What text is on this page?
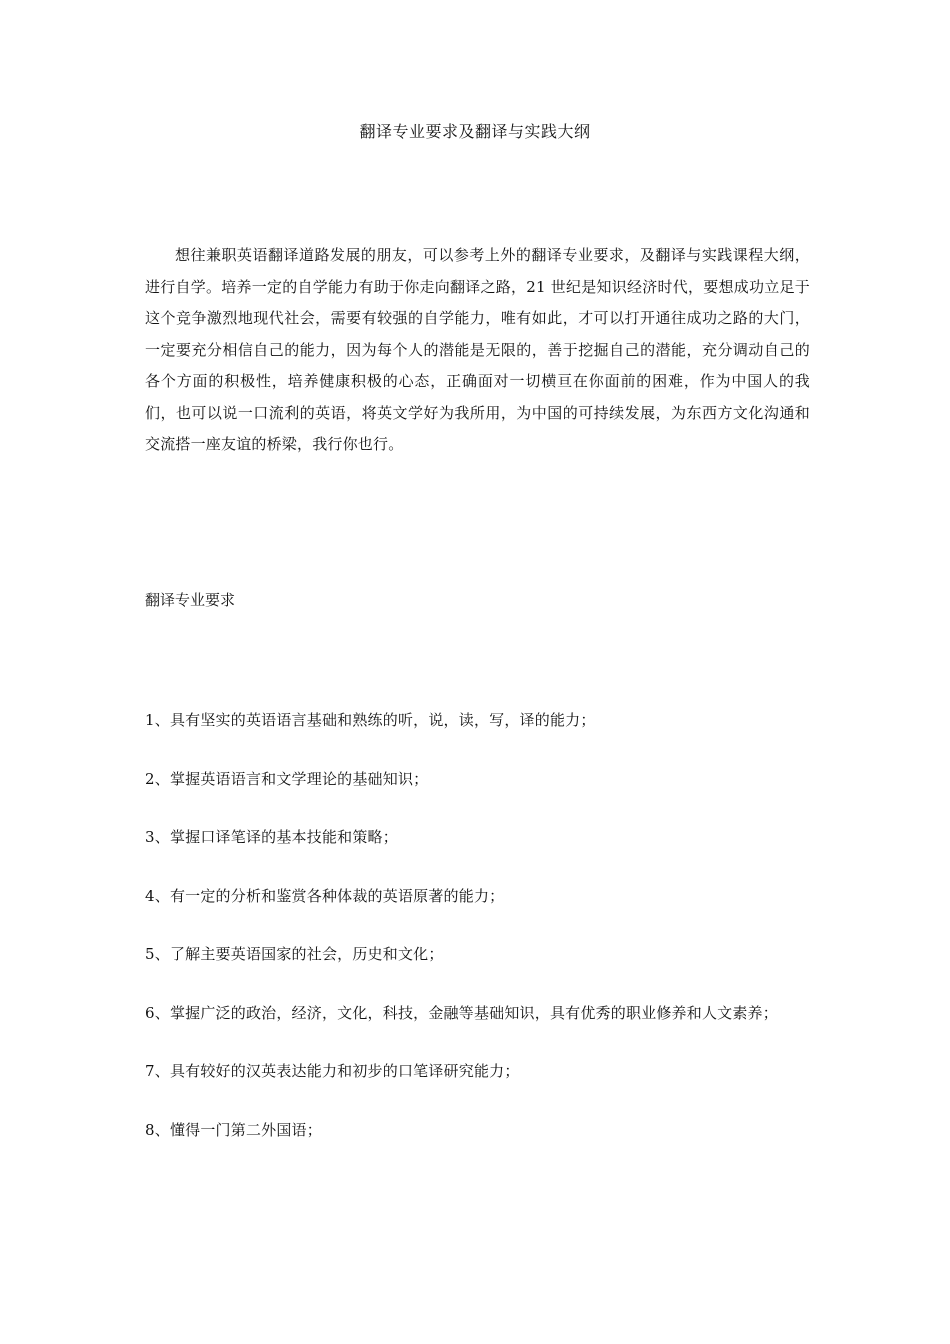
翻译专业要求及翻译与实践大纲

想往兼职英语翻译道路发展的朋友，可以参考上外的翻译专业要求，及翻译与实践课程大纲，进行自学。培养一定的自学能力有助于你走向翻译之路，21 世纪是知识经济时代，要想成功立足于这个竞争激烈地现代社会，需要有较强的自学能力，唯有如此，才可以打开通往成功之路的大门，一定要充分相信自己的能力，因为每个人的潜能是无限的，善于挖掘自己的潜能，充分调动自己的各个方面的积极性，培养健康积极的心态，正确面对一切横亘在你面前的困难，作为中国人的我们，也可以说一口流利的英语，将英文学好为我所用，为中国的可持续发展，为东西方文化沟通和交流搭一座友谊的桥梁，我行你也行。

翻译专业要求
1、具有坚实的英语语言基础和熟练的听，说，读，写，译的能力；
2、掌握英语语言和文学理论的基础知识；
3、掌握口译笔译的基本技能和策略；
4、有一定的分析和鉴赏各种体裁的英语原著的能力；
5、了解主要英语国家的社会，历史和文化；
6、掌握广泛的政治，经济，文化，科技，金融等基础知识，具有优秀的职业修养和人文素养；
7、具有较好的汉英表达能力和初步的口笔译研究能力；
8、懂得一门第二外国语；
